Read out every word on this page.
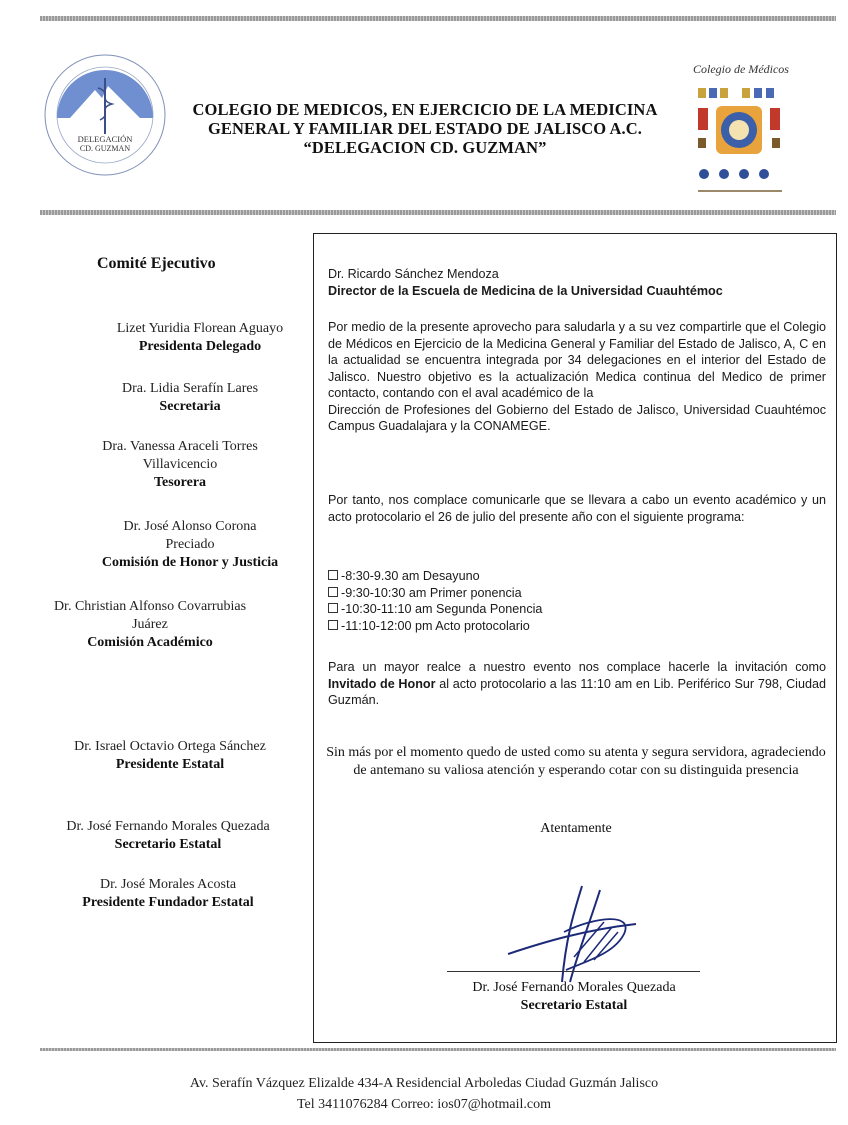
DELEGACIÓN
CD. GUZMAN
COLEGIO DE MEDICOS, EN EJERCICIO DE LA MEDICINA
GENERAL Y FAMILIAR DEL ESTADO DE JALISCO A.C.
“DELEGACION CD. GUZMAN”
Colegio de Médicos
Comité Ejecutivo
Lizet Yuridia Florean Aguayo
Presidenta Delegado
Dra. Lidia Serafín Lares
Secretaria
Dra. Vanessa Araceli Torres
Villavicencio
Tesorera
Dr. José Alonso Corona
Preciado
Comisión de Honor y Justicia
Dr. Christian Alfonso Covarrubias
Juárez
Comisión Académico
Dr. Israel Octavio Ortega Sánchez
Presidente Estatal
Dr. José Fernando Morales Quezada
Secretario Estatal
Dr. José Morales Acosta
Presidente Fundador Estatal
Dr. Ricardo Sánchez Mendoza
Director de la Escuela de Medicina de la Universidad Cuauhtémoc
Por medio de la presente aprovecho para saludarla y a su vez compartirle que el Colegio de Médicos en Ejercicio de la Medicina General y Familiar del Estado de Jalisco, A, C en la actualidad se encuentra integrada por 34 delegaciones en el interior del Estado de Jalisco. Nuestro objetivo es la actualización Medica continua del Medico de primer contacto, contando con el aval académico de la
Dirección de Profesiones del Gobierno del Estado de Jalisco, Universidad Cuauhtémoc Campus Guadalajara y la CONAMEGE.
Por tanto, nos complace comunicarle que se llevara a cabo un evento académico y un acto protocolario el 26 de julio del presente año con el siguiente programa:
-8:30-9.30 am Desayuno
-9:30-10:30 am Primer ponencia
-10:30-11:10 am Segunda Ponencia
-11:10-12:00 pm Acto protocolario
Para un mayor realce a nuestro evento nos complace hacerle la invitación como Invitado de Honor al acto protocolario a las 11:10 am en Lib. Periférico Sur 798, Ciudad Guzmán.
Sin más por el momento quedo de usted como su atenta y segura servidora, agradeciendo de antemano su valiosa atención y esperando cotar con su distinguida presencia
Atentamente
Dr. José Fernando Morales Quezada
Secretario Estatal
Av. Serafín Vázquez Elizalde 434-A Residencial Arboledas Ciudad Guzmán Jalisco
Tel 3411076284 Correo: ios07@hotmail.com
